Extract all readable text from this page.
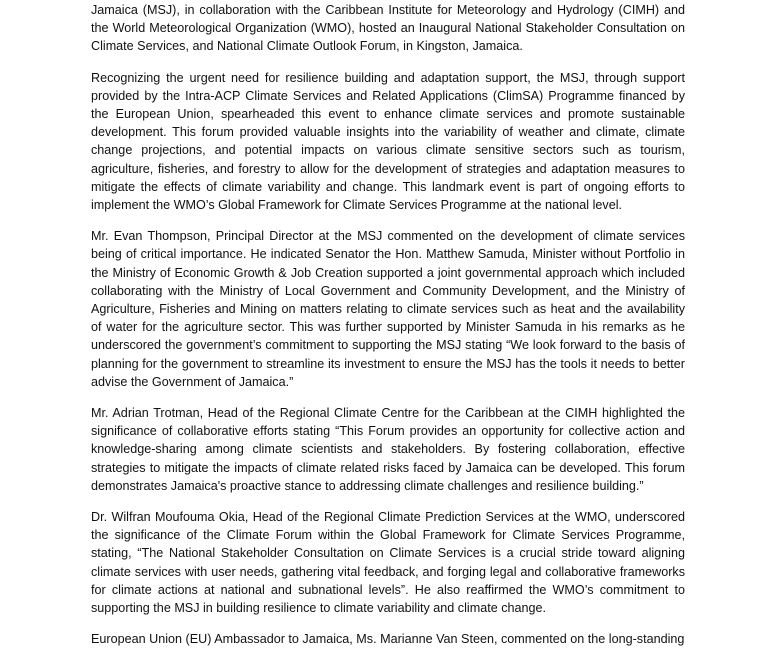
Jamaica (MSJ), in collaboration with the Caribbean Institute for Meteorology and Hydrology (CIMH) and the World Meteorological Organization (WMO), hosted an Inaugural National Stakeholder Consultation on Climate Services, and National Climate Outlook Forum, in Kingston, Jamaica.

Recognizing the urgent need for resilience building and adaptation support, the MSJ, through support provided by the Intra-ACP Climate Services and Related Applications (ClimSA) Programme financed by the European Union, spearheaded this event to enhance climate services and promote sustainable development. This forum provided valuable insights into the variability of weather and climate, climate change projections, and potential impacts on various climate sensitive sectors such as tourism, agriculture, fisheries, and forestry to allow for the development of strategies and adaptation measures to mitigate the effects of climate variability and change. This landmark event is part of ongoing efforts to implement the WMO’s Global Framework for Climate Services Programme at the national level.

Mr. Evan Thompson, Principal Director at the MSJ commented on the development of climate services being of critical importance. He indicated Senator the Hon. Matthew Samuda, Minister without Portfolio in the Ministry of Economic Growth & Job Creation supported a joint governmental approach which included collaborating with the Ministry of Local Government and Community Development, and the Ministry of Agriculture, Fisheries and Mining on matters relating to climate services such as heat and the availability of water for the agriculture sector. This was further supported by Minister Samuda in his remarks as he underscored the government’s commitment to supporting the MSJ stating “We look forward to the basis of planning for the government to streamline its investment to ensure the MSJ has the tools it needs to better advise the Government of Jamaica.”

Mr. Adrian Trotman, Head of the Regional Climate Centre for the Caribbean at the CIMH highlighted the significance of collaborative efforts stating “This Forum provides an opportunity for collective action and knowledge-sharing among climate scientists and stakeholders. By fostering collaboration, effective strategies to mitigate the impacts of climate related risks faced by Jamaica can be developed. This forum demonstrates Jamaica's proactive stance to addressing climate challenges and resilience building.”

Dr. Wilfran Moufouma Okia, Head of the Regional Climate Prediction Services at the WMO, underscored the significance of the Climate Forum within the Global Framework for Climate Services Programme, stating, “The National Stakeholder Consultation on Climate Services is a crucial stride toward aligning climate services with user needs, gathering vital feedback, and forging legal and collaborative frameworks for climate actions at national and subnational levels”. He also reaffirmed the WMO’s commitment to supporting the MSJ in building resilience to climate variability and climate change.

European Union (EU) Ambassador to Jamaica, Ms. Marianne Van Steen, commented on the long-standing
